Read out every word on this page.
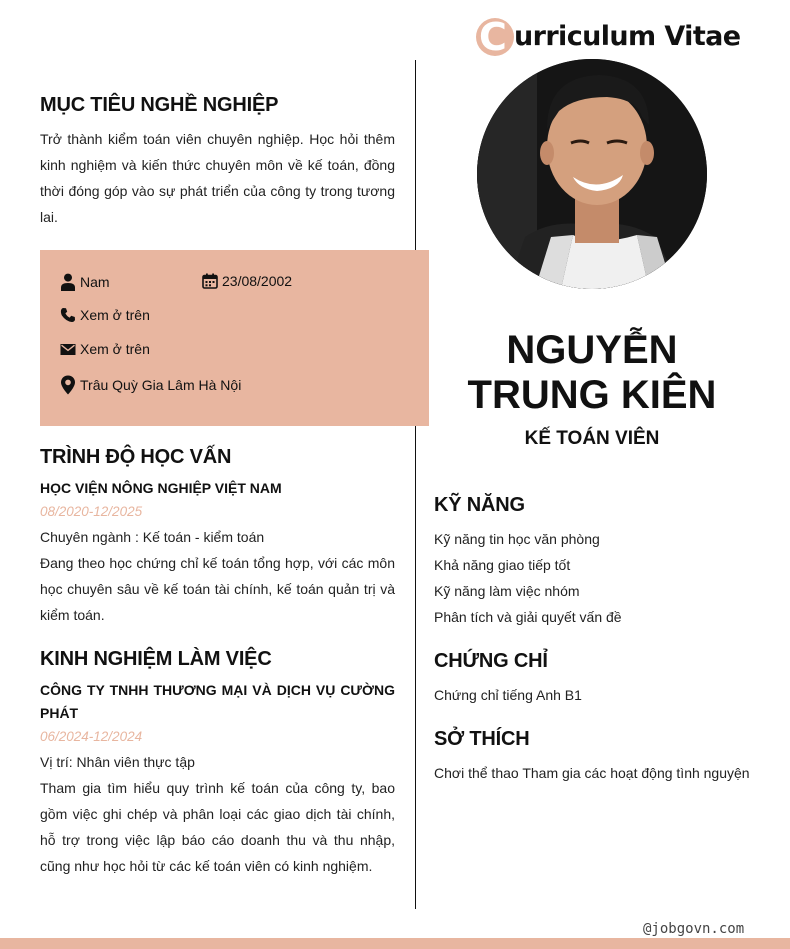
C urriculum Vitae
MỤC TIÊU NGHỀ NGHIỆP
Trở thành kiểm toán viên chuyên nghiệp. Học hỏi thêm kinh nghiệm và kiến thức chuyên môn về kế toán, đồng thời đóng góp vào sự phát triển của công ty trong tương lai.
Nam	23/08/2002
Xem ở trên
Xem ở trên
Trâu Quỳ Gia Lâm Hà Nội
TRÌNH ĐỘ HỌC VẤN
HỌC VIỆN NÔNG NGHIỆP VIỆT NAM
08/2020-12/2025
Chuyên ngành : Kế toán - kiểm toán
Đang theo học chứng chỉ kế toán tổng hợp, với các môn học chuyên sâu về kế toán tài chính, kế toán quản trị và kiểm toán.
KINH NGHIỆM LÀM VIỆC
CÔNG TY TNHH THƯƠNG MẠI VÀ DỊCH VỤ CƯỜNG PHÁT
06/2024-12/2024
Vị trí: Nhân viên thực tập
Tham gia tìm hiểu quy trình kế toán của công ty, bao gồm việc ghi chép và phân loại các giao dịch tài chính, hỗ trợ trong việc lập báo cáo doanh thu và thu nhập, cũng như học hỏi từ các kế toán viên có kinh nghiệm.
NGUYỄN TRUNG KIÊN
KẾ TOÁN VIÊN
KỸ NĂNG
Kỹ năng tin học văn phòng
Khả năng giao tiếp tốt
Kỹ năng làm việc nhóm
Phân tích và giải quyết vấn đề
CHỨNG CHỈ
Chứng chỉ tiếng Anh B1
SỞ THÍCH
Chơi thể thao Tham gia các hoạt động tình nguyện
@jobgovn.com
